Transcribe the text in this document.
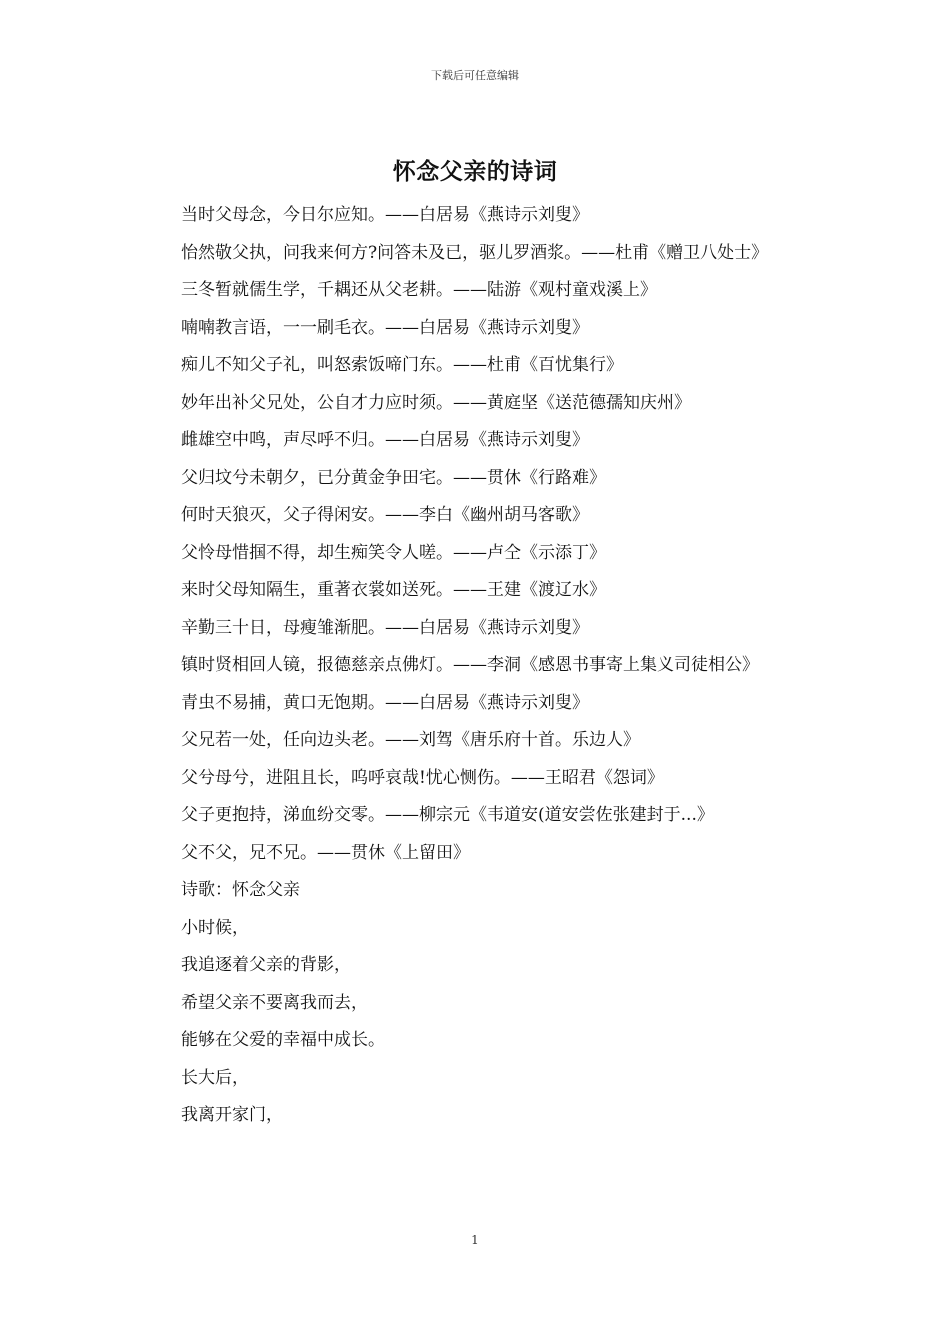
下载后可任意编辑
怀念父亲的诗词

当时父母念，今日尔应知。——白居易《燕诗示刘叟》

怡然敬父执，问我来何方?问答未及已，驱儿罗酒浆。——杜甫《赠卫八处士》

三冬暂就儒生学，千耦还从父老耕。——陆游《观村童戏溪上》

喃喃教言语，一一刷毛衣。——白居易《燕诗示刘叟》

痴儿不知父子礼，叫怒索饭啼门东。——杜甫《百忧集行》

妙年出补父兄处，公自才力应时须。——黄庭坚《送范德孺知庆州》

雌雄空中鸣，声尽呼不归。——白居易《燕诗示刘叟》

父归坟兮未朝夕，已分黄金争田宅。——贯休《行路难》

何时天狼灭，父子得闲安。——李白《幽州胡马客歌》

父怜母惜掴不得，却生痴笑令人嗟。——卢仝《示添丁》

来时父母知隔生，重著衣裳如送死。——王建《渡辽水》

辛勤三十日，母瘦雏渐肥。——白居易《燕诗示刘叟》

镇时贤相回人镜，报德慈亲点佛灯。——李洞《感恩书事寄上集义司徒相公》

青虫不易捕，黄口无饱期。——白居易《燕诗示刘叟》

父兄若一处，任向边头老。——刘驾《唐乐府十首。乐边人》

父兮母兮，进阻且长，呜呼哀哉!忧心恻伤。——王昭君《怨词》

父子更抱持，涕血纷交零。——柳宗元《韦道安(道安尝佐张建封于...》

父不父，兄不兄。——贯休《上留田》

诗歌：怀念父亲

小时候，

我追逐着父亲的背影，

希望父亲不要离我而去，

能够在父爱的幸福中成长。

长大后，

我离开家门，

1
